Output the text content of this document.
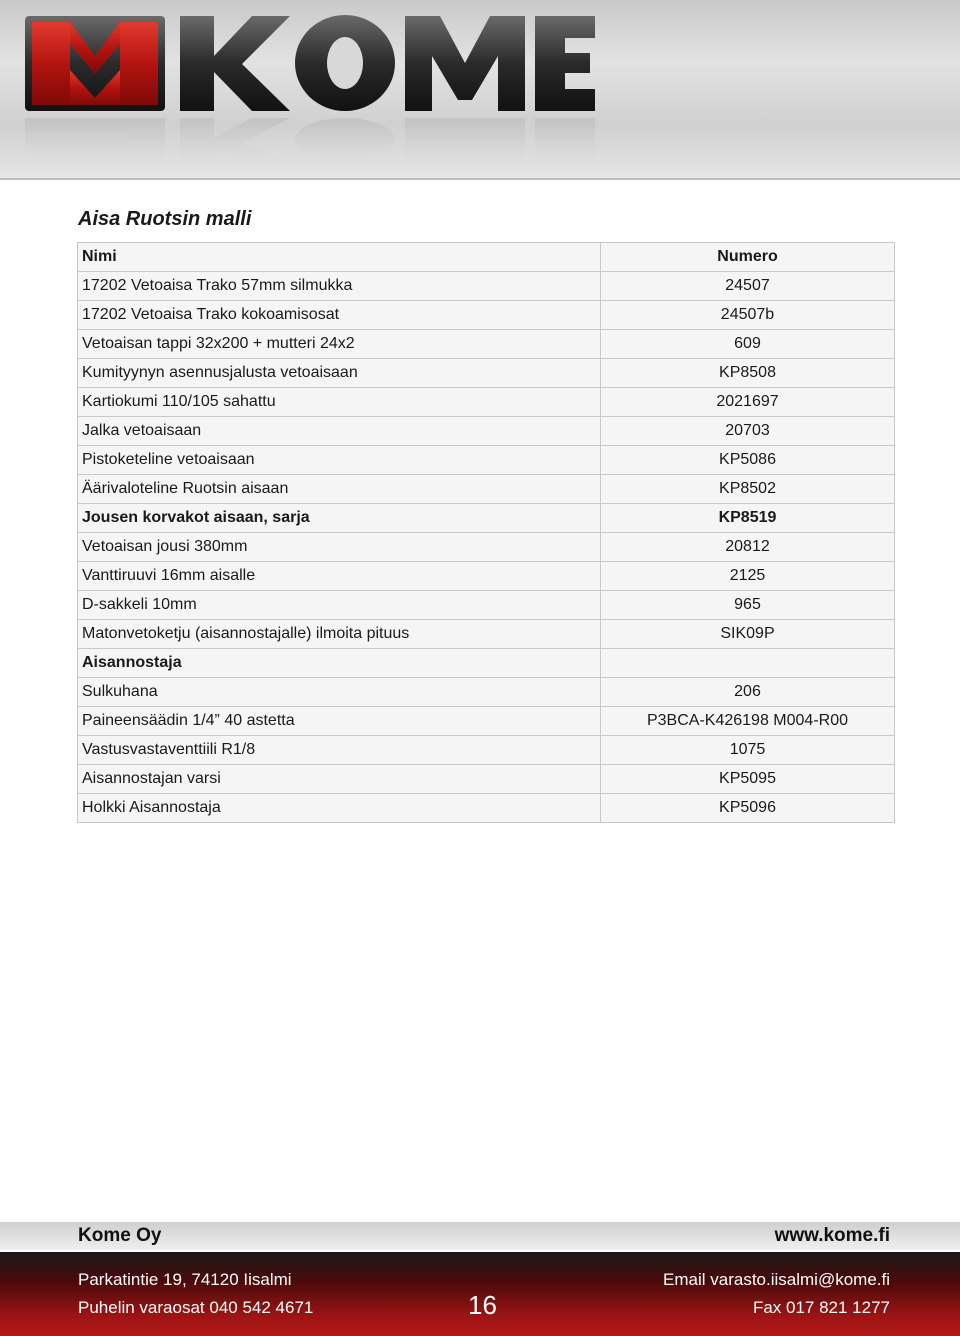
Aisa Ruotsin malli
Nimi	Numero
17202 Vetoaisa Trako 57mm silmukka	24507
17202 Vetoaisa Trako kokoamisosat	24507b
Vetoaisan tappi 32x200 + mutteri 24x2	609
Kumityynyn asennusjalusta vetoaisaan	KP8508
Kartiokumi 110/105 sahattu	2021697
Jalka vetoaisaan	20703
Pistoketeline vetoaisaan	KP5086
Äärivaloteline Ruotsin aisaan	KP8502
Jousen korvakot aisaan, sarja	KP8519
Vetoaisan jousi 380mm	20812
Vanttiruuvi 16mm aisalle	2125
D-sakkeli 10mm	965
Matonvetoketju (aisannostajalle) ilmoita pituus	SIK09P
Aisannostaja	
Sulkuhana	206
Paineensäädin 1/4” 40 astetta	P3BCA-K426198 M004-R00
Vastusvastaventtiili R1/8	1075
Aisannostajan varsi	KP5095
Holkki Aisannostaja	KP5096
Kome Oy	www.kome.fi
Parkatintie 19, 74120 Iisalmi
Puhelin varaosat 040 542 4671
Email varasto.iisalmi@kome.fi
Fax 017 821 1277
16
